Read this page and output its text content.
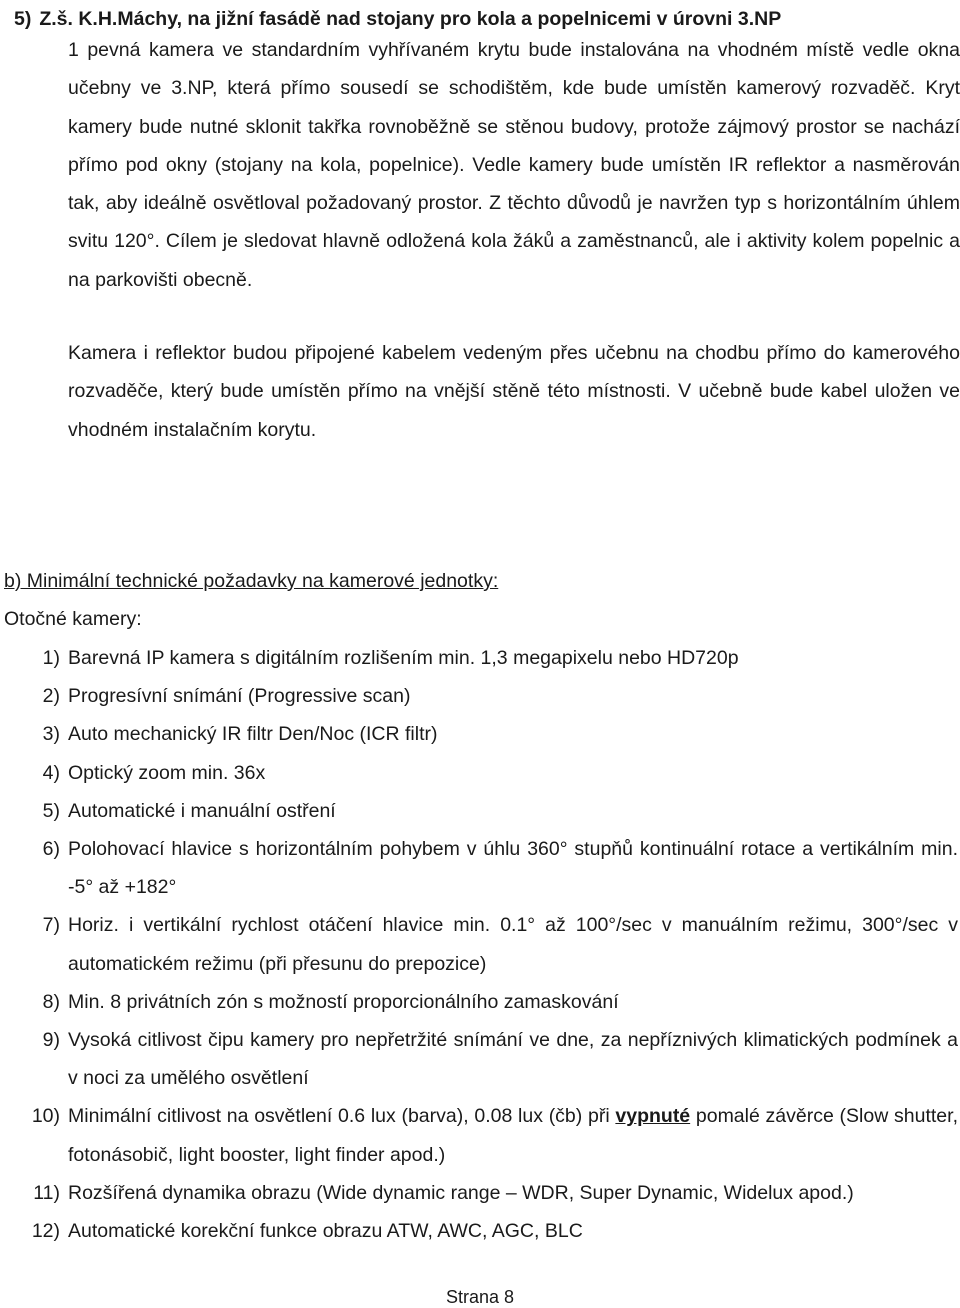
5) Z.š. K.H.Máchy, na jižní fasádě nad stojany pro kola a popelnicemi v úrovni 3.NP
1 pevná kamera ve standardním vyhřívaném krytu bude instalována na vhodném místě vedle okna učebny ve 3.NP, která přímo sousedí se schodištěm, kde bude umístěn kamerový rozvaděč. Kryt kamery bude nutné sklonit takřka rovnoběžně se stěnou budovy, protože zájmový prostor se nachází přímo pod okny (stojany na kola, popelnice). Vedle kamery bude umístěn IR reflektor a nasměrován tak, aby ideálně osvětloval požadovaný prostor. Z těchto důvodů je navržen typ s horizontálním úhlem svitu 120°. Cílem je sledovat hlavně odložená kola žáků a zaměstnanců, ale i aktivity kolem popelnic a na parkovišti obecně.
Kamera i reflektor budou připojené kabelem vedeným přes učebnu na chodbu přímo do kamerového rozvaděče, který bude umístěn přímo na vnější stěně této místnosti. V učebně bude kabel uložen ve vhodném instalačním korytu.
b) Minimální technické požadavky na kamerové jednotky:
Otočné kamery:
1) Barevná IP kamera s digitálním rozlišením min. 1,3 megapixelu nebo HD720p
2) Progresívní snímání (Progressive scan)
3) Auto mechanický IR filtr Den/Noc (ICR filtr)
4) Optický zoom min. 36x
5) Automatické i manuální ostření
6) Polohovací hlavice s horizontálním pohybem v úhlu 360° stupňů kontinuální rotace a vertikálním min. -5° až +182°
7) Horiz. i vertikální rychlost otáčení hlavice min. 0.1° až 100°/sec v manuálním režimu, 300°/sec v automatickém režimu (při přesunu do prepozice)
8) Min. 8 privátních zón s možností proporcionálního zamaskování
9) Vysoká citlivost čipu kamery pro nepřetržité snímání ve dne, za nepříznivých klimatických podmínek a v noci za umělého osvětlení
10) Minimální citlivost na osvětlení 0.6 lux (barva), 0.08 lux (čb) při vypnuté pomalé závěrce (Slow shutter, fotonásobič, light booster, light finder apod.)
11) Rozšířená dynamika obrazu (Wide dynamic range – WDR, Super Dynamic, Widelux apod.)
12) Automatické korekční funkce obrazu ATW, AWC, AGC, BLC
Strana 8
